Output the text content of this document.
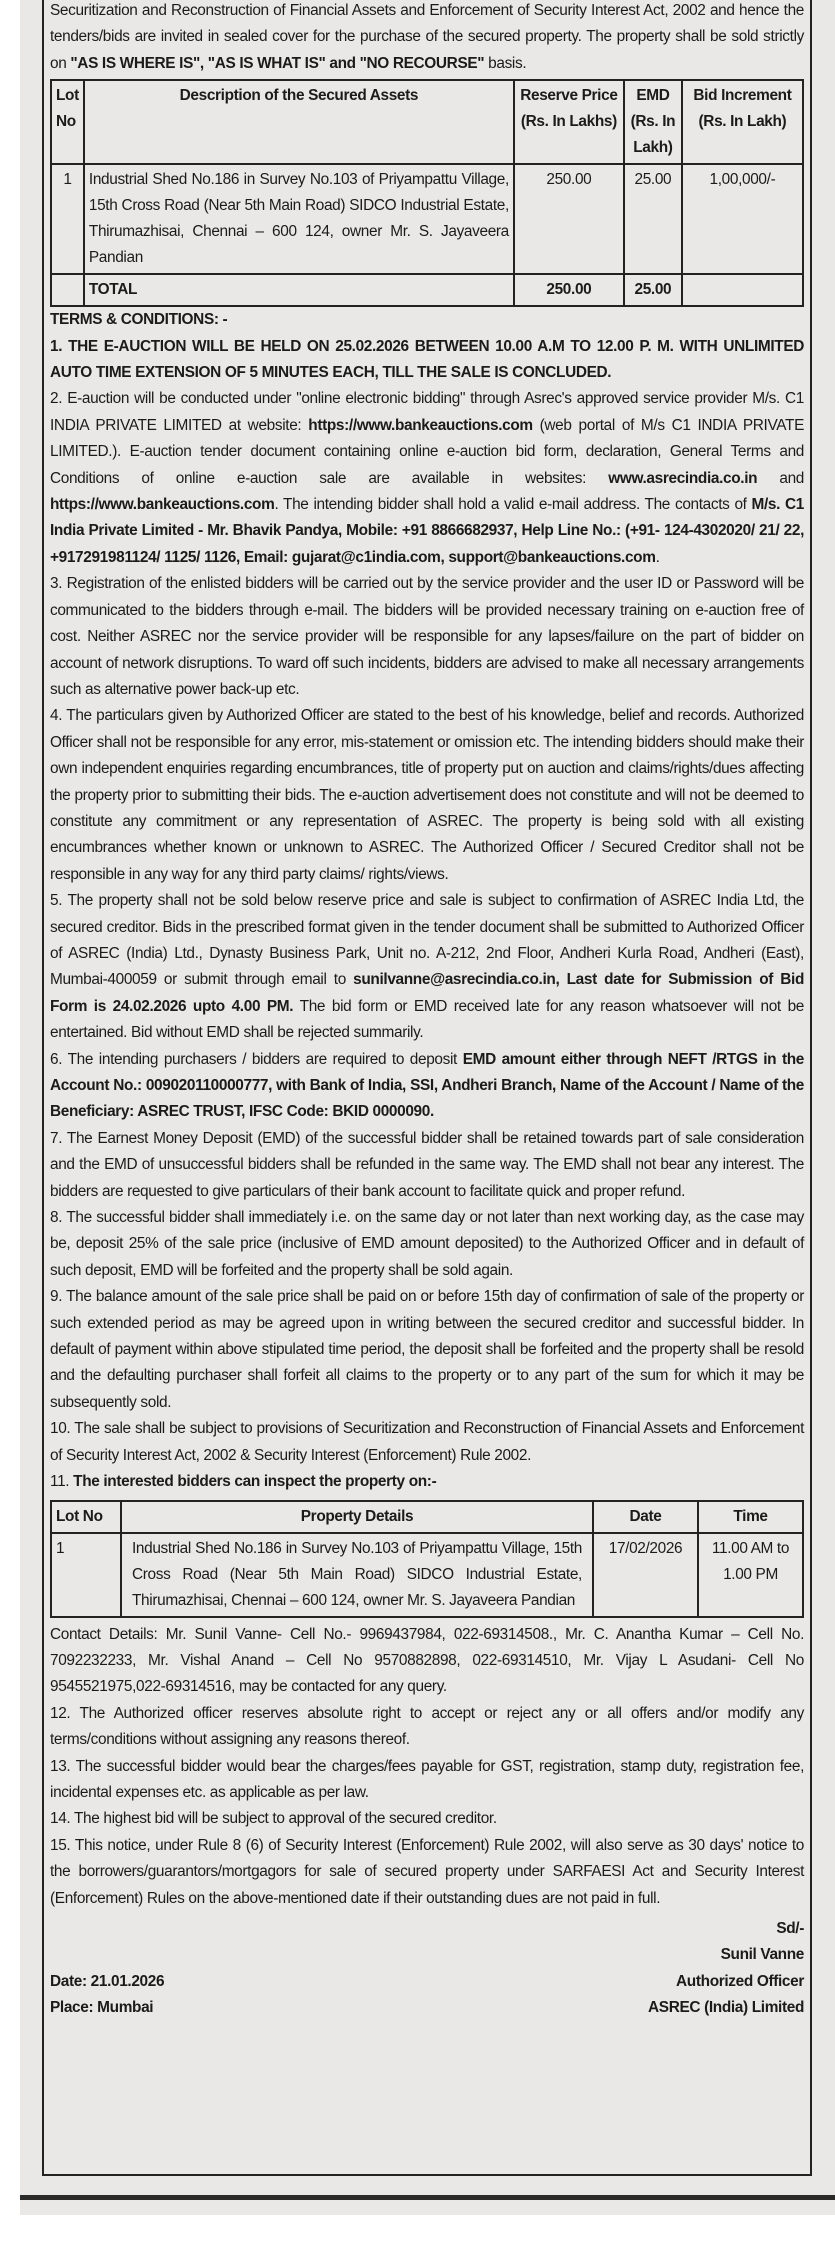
Securitization and Reconstruction of Financial Assets and Enforcement of Security Interest Act, 2002 and hence the tenders/bids are invited in sealed cover for the purchase of the secured property. The property shall be sold strictly on "AS IS WHERE IS", "AS IS WHAT IS" and "NO RECOURSE" basis.

Lot No	Description of the Secured Assets	Reserve Price (Rs. In Lakhs)	EMD (Rs. In Lakh)	Bid Increment (Rs. In Lakh)
1	Industrial Shed No.186 in Survey No.103 of Priyampattu Village, 15th Cross Road (Near 5th Main Road) SIDCO Industrial Estate, Thirumazhisai, Chennai – 600 124, owner Mr. S. Jayaveera Pandian	250.00	25.00	1,00,000/-
	TOTAL	250.00	25.00	

TERMS & CONDITIONS: -

1. THE E-AUCTION WILL BE HELD ON 25.02.2026 BETWEEN 10.00 A.M TO 12.00 P. M. WITH UNLIMITED AUTO TIME EXTENSION OF 5 MINUTES EACH, TILL THE SALE IS CONCLUDED.

2. E-auction will be conducted under "online electronic bidding" through Asrec's approved service provider M/s. C1 INDIA PRIVATE LIMITED at website: https://www.bankeauctions.com (web portal of M/s C1 INDIA PRIVATE LIMITED.). E-auction tender document containing online e-auction bid form, declaration, General Terms and Conditions of online e-auction sale are available in websites: www.asrecindia.co.in and https://www.bankeauctions.com. The intending bidder shall hold a valid e-mail address. The contacts of M/s. C1 India Private Limited - Mr. Bhavik Pandya, Mobile: +91 8866682937, Help Line No.: (+91- 124-4302020/ 21/ 22, +917291981124/ 1125/ 1126, Email: gujarat@c1india.com, support@bankeauctions.com.

3. Registration of the enlisted bidders will be carried out by the service provider and the user ID or Password will be communicated to the bidders through e-mail. The bidders will be provided necessary training on e-auction free of cost. Neither ASREC nor the service provider will be responsible for any lapses/failure on the part of bidder on account of network disruptions. To ward off such incidents, bidders are advised to make all necessary arrangements such as alternative power back-up etc.

4. The particulars given by Authorized Officer are stated to the best of his knowledge, belief and records. Authorized Officer shall not be responsible for any error, mis-statement or omission etc. The intending bidders should make their own independent enquiries regarding encumbrances, title of property put on auction and claims/rights/dues affecting the property prior to submitting their bids. The e-auction advertisement does not constitute and will not be deemed to constitute any commitment or any representation of ASREC. The property is being sold with all existing encumbrances whether known or unknown to ASREC. The Authorized Officer / Secured Creditor shall not be responsible in any way for any third party claims/ rights/views.

5. The property shall not be sold below reserve price and sale is subject to confirmation of ASREC India Ltd, the secured creditor. Bids in the prescribed format given in the tender document shall be submitted to Authorized Officer of ASREC (India) Ltd., Dynasty Business Park, Unit no. A-212, 2nd Floor, Andheri Kurla Road, Andheri (East), Mumbai-400059 or submit through email to sunilvanne@asrecindia.co.in, Last date for Submission of Bid Form is 24.02.2026 upto 4.00 PM. The bid form or EMD received late for any reason whatsoever will not be entertained. Bid without EMD shall be rejected summarily.

6. The intending purchasers / bidders are required to deposit EMD amount either through NEFT /RTGS in the Account No.: 009020110000777, with Bank of India, SSI, Andheri Branch, Name of the Account / Name of the Beneficiary: ASREC TRUST, IFSC Code: BKID 0000090.

7. The Earnest Money Deposit (EMD) of the successful bidder shall be retained towards part of sale consideration and the EMD of unsuccessful bidders shall be refunded in the same way. The EMD shall not bear any interest. The bidders are requested to give particulars of their bank account to facilitate quick and proper refund.

8. The successful bidder shall immediately i.e. on the same day or not later than next working day, as the case may be, deposit 25% of the sale price (inclusive of EMD amount deposited) to the Authorized Officer and in default of such deposit, EMD will be forfeited and the property shall be sold again.

9. The balance amount of the sale price shall be paid on or before 15th day of confirmation of sale of the property or such extended period as may be agreed upon in writing between the secured creditor and successful bidder. In default of payment within above stipulated time period, the deposit shall be forfeited and the property shall be resold and the defaulting purchaser shall forfeit all claims to the property or to any part of the sum for which it may be subsequently sold.

10. The sale shall be subject to provisions of Securitization and Reconstruction of Financial Assets and Enforcement of Security Interest Act, 2002 & Security Interest (Enforcement) Rule 2002.

11. The interested bidders can inspect the property on:-

Lot No	Property Details	Date	Time
1	Industrial Shed No.186 in Survey No.103 of Priyampattu Village, 15th Cross Road (Near 5th Main Road) SIDCO Industrial Estate, Thirumazhisai, Chennai – 600 124, owner Mr. S. Jayaveera Pandian	17/02/2026	11.00 AM to 1.00 PM

Contact Details: Mr. Sunil Vanne- Cell No.- 9969437984, 022-69314508., Mr. C. Anantha Kumar – Cell No. 7092232233, Mr. Vishal Anand – Cell No 9570882898, 022-69314510, Mr. Vijay L Asudani- Cell No 9545521975,022-69314516, may be contacted for any query.

12. The Authorized officer reserves absolute right to accept or reject any or all offers and/or modify any terms/conditions without assigning any reasons thereof.

13. The successful bidder would bear the charges/fees payable for GST, registration, stamp duty, registration fee, incidental expenses etc. as applicable as per law.

14. The highest bid will be subject to approval of the secured creditor.

15. This notice, under Rule 8 (6) of Security Interest (Enforcement) Rule 2002, will also serve as 30 days' notice to the borrowers/guarantors/mortgagors for sale of secured property under SARFAESI Act and Security Interest (Enforcement) Rules on the above-mentioned date if their outstanding dues are not paid in full.

Date: 21.01.2026

Place: Mumbai

Sd/-

Sunil Vanne

Authorized Officer

ASREC (India) Limited
